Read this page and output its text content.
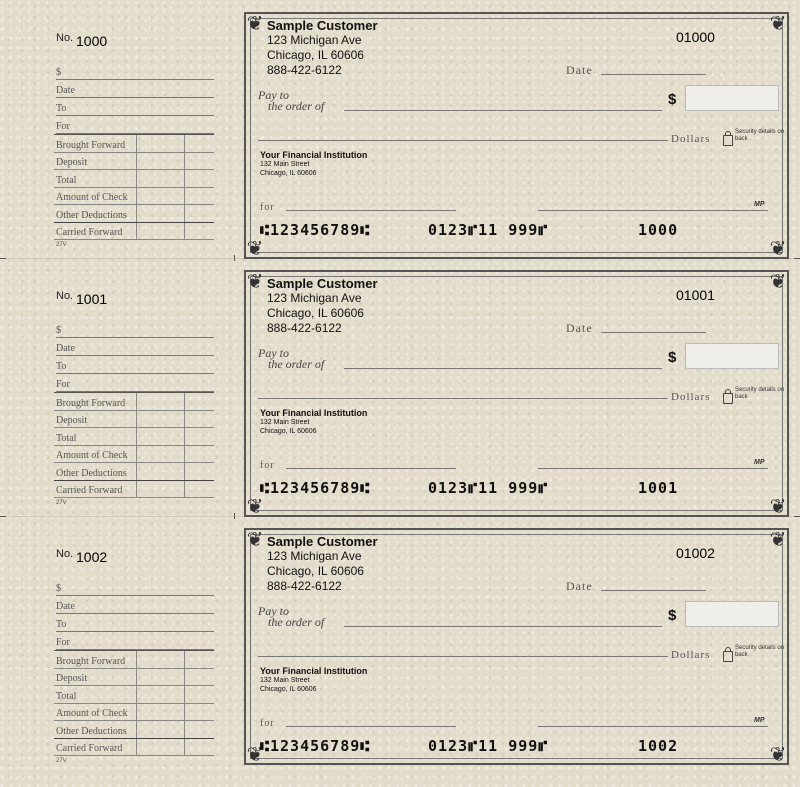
No. 1000
$
Date
To
For
Brought Forward
Deposit
Total
Amount of Check
Other Deductions
Carried Forward
27V
❦	❦
❦	❦
Sample Customer
123 Michigan Ave
Chicago, IL 60606
888-422-6122
01000
Date
Pay to
the order of	$
Dollars
Security details on back
Your Financial Institution
132 Main Street
Chicago, IL 60606
for	MP
⑆123456789⑆	0123⑈11 999⑈	1000
No. 1001
$
Date
To
For
Brought Forward
Deposit
Total
Amount of Check
Other Deductions
Carried Forward
27V
❦	❦
❦	❦
Sample Customer
123 Michigan Ave
Chicago, IL 60606
888-422-6122
01001
Date
Pay to
the order of	$
Dollars
Security details on back
Your Financial Institution
132 Main Street
Chicago, IL 60606
for	MP
⑆123456789⑆	0123⑈11 999⑈	1001
No. 1002
$
Date
To
For
Brought Forward
Deposit
Total
Amount of Check
Other Deductions
Carried Forward
27V
❦	❦
❦	❦
Sample Customer
123 Michigan Ave
Chicago, IL 60606
888-422-6122
01002
Date
Pay to
the order of	$
Dollars
Security details on back
Your Financial Institution
132 Main Street
Chicago, IL 60606
for	MP
⑆123456789⑆	0123⑈11 999⑈	1002
